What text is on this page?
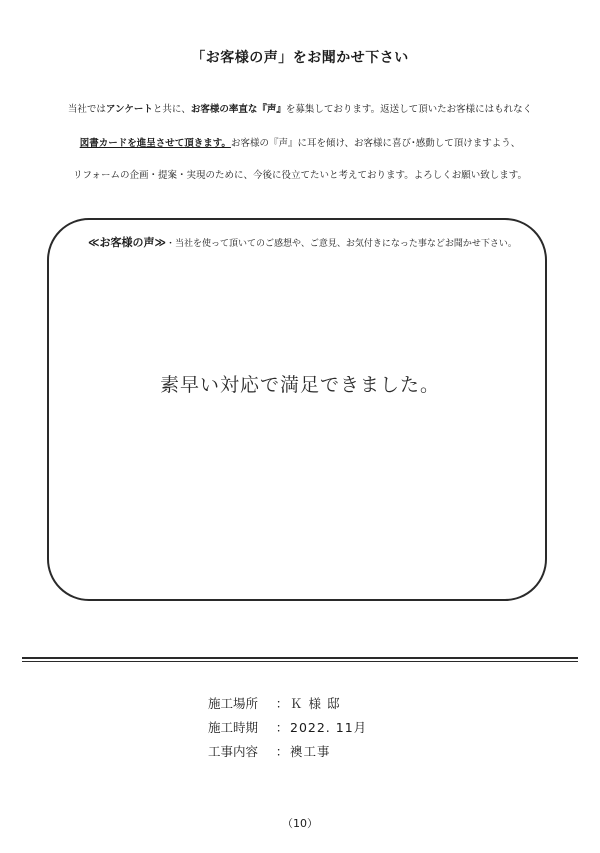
「お客様の声」をお聞かせ下さい
当社ではアンケートと共に、お客様の率直な『声』を募集しております。返送して頂いたお客様にはもれなく
図書カードを進呈させて頂きます。お客様の『声』に耳を傾け、お客様に喜び･感動して頂けますよう、
リフォームの企画・提案・実現のために、今後に役立てたいと考えております。よろしくお願い致します。
≪お客様の声≫・当社を使って頂いてのご感想や、ご意見、お気付きになった事などお聞かせ下さい。
素早い対応で満足できました。
施工場所 ： Ｋ 様 邸
施工時期 ： 2022. 11月
工事内容 ： 襖工事
（10）
